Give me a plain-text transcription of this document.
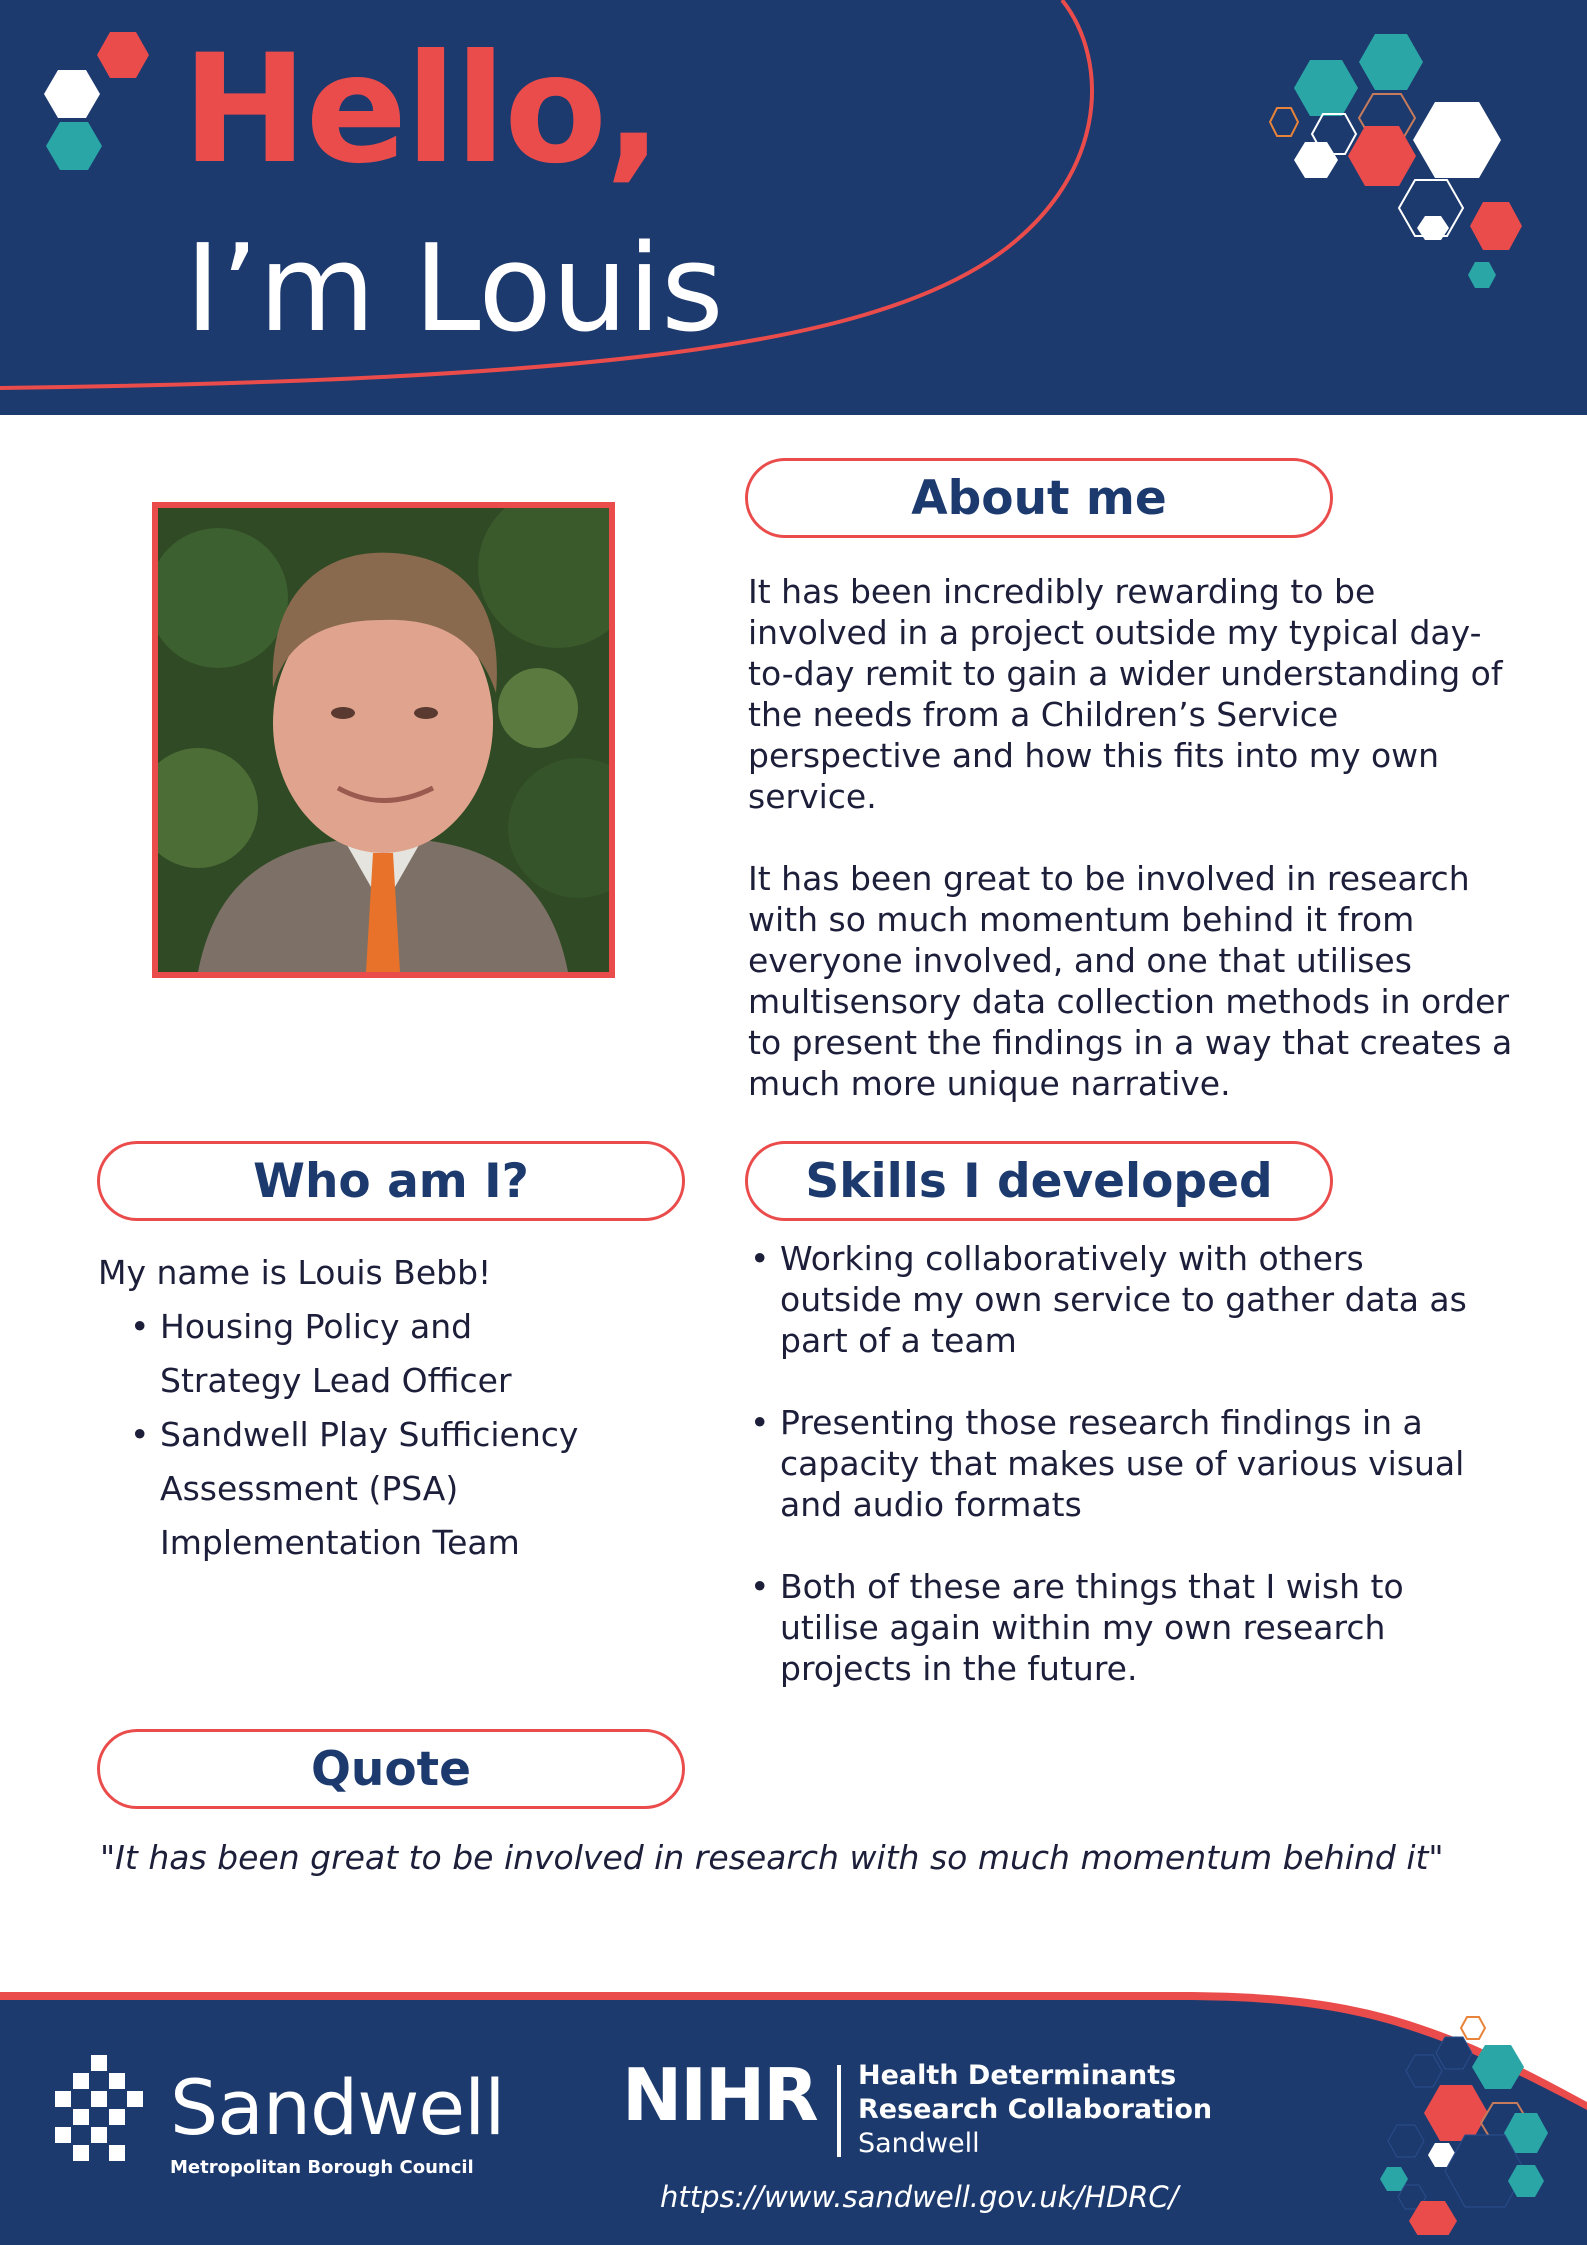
Hello,
I’m Louis
About me
It has been incredibly rewarding to be
involved in a project outside my typical day-
to-day remit to gain a wider understanding of
the needs from a Children’s Service
perspective and how this fits into my own
service.
It has been great to be involved in research
with so much momentum behind it from
everyone involved, and one that utilises
multisensory data collection methods in order
to present the findings in a way that creates a
much more unique narrative.
Who am I?
My name is Louis Bebb!
• Housing Policy and
Strategy Lead Officer
• Sandwell Play Sufficiency
Assessment (PSA)
Implementation Team
Skills I developed
• Working collaboratively with others
outside my own service to gather data as
part of a team
• Presenting those research findings in a
capacity that makes use of various visual
and audio formats
• Both of these are things that I wish to
utilise again within my own research
projects in the future.
Quote
"It has been great to be involved in research with so much momentum behind it"
Sandwell
Metropolitan Borough Council
NIHR Health Determinants
Research Collaboration
Sandwell
https://www.sandwell.gov.uk/HDRC/
